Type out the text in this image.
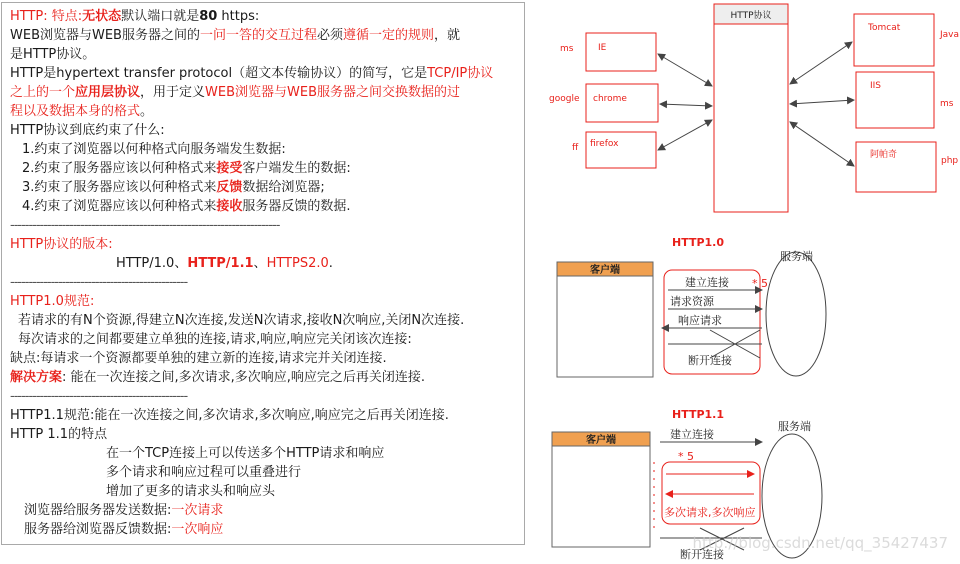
HTTP: 特点:无状态默认端口就是80 https:
WEB浏览器与WEB服务器之间的一问一答的交互过程必须遵循一定的规则，就
是HTTP协议。
HTTP是hypertext transfer protocol（超文本传输协议）的简写，它是TCP/IP协议
之上的一个应用层协议，用于定义WEB浏览器与WEB服务器之间交换数据的过
程以及数据本身的格式。
HTTP协议到底约束了什么:
1.约束了浏览器以何种格式向服务端发生数据:
2.约束了服务器应该以何种格式来接受客户端发生的数据:
3.约束了服务器应该以何种格式来反馈数据给浏览器;
4.约束了浏览器应该以何种格式来接收服务器反馈的数据.
-------------------------------------------------------------------------
HTTP协议的版本:
HTTP/1.0、HTTP/1.1、HTTPS2.0.
------------------------------------------------
HTTP1.0规范:
若请求的有N个资源,得建立N次连接,发送N次请求,接收N次响应,关闭N次连接.
每次请求的之间都要建立单独的连接,请求,响应,响应完关闭该次连接:
缺点:每请求一个资源都要单独的建立新的连接,请求完并关闭连接.
解决方案: 能在一次连接之间,多次请求,多次响应,响应完之后再关闭连接.
------------------------------------------------
HTTP1.1规范:能在一次连接之间,多次请求,多次响应,响应完之后再关闭连接.
HTTP 1.1的特点
在一个TCP连接上可以传送多个HTTP请求和响应
多个请求和响应过程可以重叠进行
增加了更多的请求头和响应头
浏览器给服务器发送数据:一次请求
服务器给浏览器反馈数据:一次响应
HTTP协议
IE
ms
chrome
google
firefox
ff
Tomcat
Java
IIS
ms
阿帕奇
php
HTTP1.0
客户端
服务端
* 5
建立连接
请求资源
响应请求
断开连接
HTTP1.1
客户端
服务端
建立连接
* 5
多次请求,多次响应
断开连接
http://blog.csdn.net/qq_35427437
